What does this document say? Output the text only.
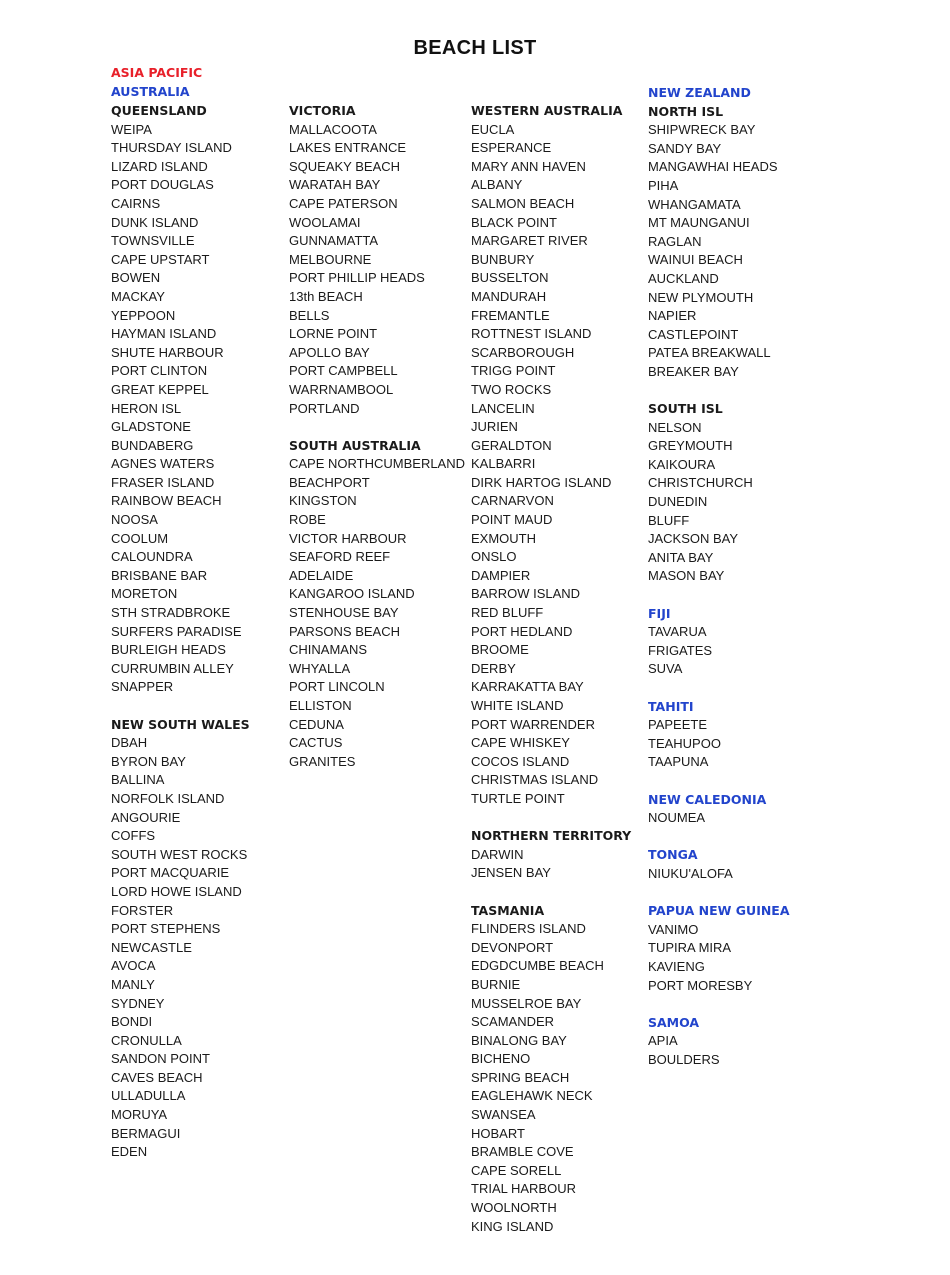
BEACH LIST
ASIA PACIFIC
AUSTRALIA
QUEENSLAND
WEIPA
THURSDAY ISLAND
LIZARD ISLAND
PORT DOUGLAS
CAIRNS
DUNK ISLAND
TOWNSVILLE
CAPE UPSTART
BOWEN
MACKAY
YEPPOON
HAYMAN ISLAND
SHUTE HARBOUR
PORT CLINTON
GREAT KEPPEL
HERON ISL
GLADSTONE
BUNDABERG
AGNES WATERS
FRASER ISLAND
RAINBOW BEACH
NOOSA
COOLUM
CALOUNDRA
BRISBANE BAR
MORETON
STH STRADBROKE
SURFERS PARADISE
BURLEIGH HEADS
CURRUMBIN ALLEY
SNAPPER
NEW SOUTH WALES
DBAH
BYRON BAY
BALLINA
NORFOLK ISLAND
ANGOURIE
COFFS
SOUTH WEST ROCKS
PORT MACQUARIE
LORD HOWE ISLAND
FORSTER
PORT STEPHENS
NEWCASTLE
AVOCA
MANLY
SYDNEY
BONDI
CRONULLA
SANDON POINT
CAVES BEACH
ULLADULLA
MORUYA
BERMAGUI
EDEN
VICTORIA
MALLACOOTA
LAKES ENTRANCE
SQUEAKY BEACH
WARATAH BAY
CAPE PATERSON
WOOLAMAI
GUNNAMATTA
MELBOURNE
PORT PHILLIP HEADS
13th BEACH
BELLS
LORNE POINT
APOLLO BAY
PORT CAMPBELL
WARRNAMBOOL
PORTLAND
SOUTH AUSTRALIA
CAPE NORTHCUMBERLAND
BEACHPORT
KINGSTON
ROBE
VICTOR HARBOUR
SEAFORD REEF
ADELAIDE
KANGAROO ISLAND
STENHOUSE BAY
PARSONS BEACH
CHINAMANS
WHYALLA
PORT LINCOLN
ELLISTON
CEDUNA
CACTUS
GRANITES
WESTERN AUSTRALIA
EUCLA
ESPERANCE
MARY ANN HAVEN
ALBANY
SALMON BEACH
BLACK POINT
MARGARET RIVER
BUNBURY
BUSSELTON
MANDURAH
FREMANTLE
ROTTNEST ISLAND
SCARBOROUGH
TRIGG POINT
TWO ROCKS
LANCELIN
JURIEN
GERALDTON
KALBARRI
DIRK HARTOG ISLAND
CARNARVON
POINT MAUD
EXMOUTH
ONSLO
DAMPIER
BARROW ISLAND
RED BLUFF
PORT HEDLAND
BROOME
DERBY
KARRAKATTA BAY
WHITE ISLAND
PORT WARRENDER
CAPE WHISKEY
COCOS ISLAND
CHRISTMAS ISLAND
TURTLE POINT
NORTHERN TERRITORY
DARWIN
JENSEN BAY
TASMANIA
FLINDERS ISLAND
DEVONPORT
EDGDCUMBE BEACH
BURNIE
MUSSELROE BAY
SCAMANDER
BINALONG BAY
BICHENO
SPRING BEACH
EAGLEHAWK NECK
SWANSEA
HOBART
BRAMBLE COVE
CAPE SORELL
TRIAL HARBOUR
WOOLNORTH
KING ISLAND
NEW ZEALAND
NORTH ISL
SHIPWRECK BAY
SANDY BAY
MANGAWHAI HEADS
PIHA
WHANGAMATA
MT MAUNGANUI
RAGLAN
WAINUI BEACH
AUCKLAND
NEW PLYMOUTH
NAPIER
CASTLEPOINT
PATEA BREAKWALL
BREAKER BAY
SOUTH ISL
NELSON
GREYMOUTH
KAIKOURA
CHRISTCHURCH
DUNEDIN
BLUFF
JACKSON BAY
ANITA BAY
MASON BAY
FIJI
TAVARUA
FRIGATES
SUVA
TAHITI
PAPEETE
TEAHUPOO
TAAPUNA
NEW CALEDONIA
NOUMEA
TONGA
NIUKU'ALOFA
PAPUA NEW GUINEA
VANIMO
TUPIRA MIRA
KAVIENG
PORT MORESBY
SAMOA
APIA
BOULDERS
